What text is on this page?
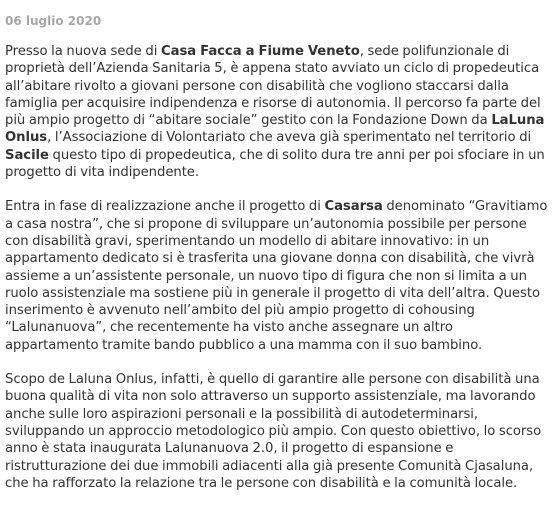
06 luglio 2020

Presso la nuova sede di Casa Facca a Fiume Veneto, sede polifunzionale di proprietà dell’Azienda Sanitaria 5, è appena stato avviato un ciclo di propedeutica all’abitare rivolto a giovani persone con disabilità che vogliono staccarsi dalla famiglia per acquisire indipendenza e risorse di autonomia. Il percorso fa parte del più ampio progetto di “abitare sociale” gestito con la Fondazione Down da LaLuna Onlus, l’Associazione di Volontariato che aveva già sperimentato nel territorio di Sacile questo tipo di propedeutica, che di solito dura tre anni per poi sfociare in un progetto di vita indipendente.

Entra in fase di realizzazione anche il progetto di Casarsa denominato “Gravitiamo a casa nostra”, che si propone di sviluppare un’autonomia possibile per persone con disabilità gravi, sperimentando un modello di abitare innovativo: in un appartamento dedicato si è trasferita una giovane donna con disabilità, che vivrà assieme a un’assistente personale, un nuovo tipo di figura che non si limita a un ruolo assistenziale ma sostiene più in generale il progetto di vita dell’altra. Questo inserimento è avvenuto nell’ambito del più ampio progetto di cohousing “Lalunanuova”, che recentemente ha visto anche assegnare un altro appartamento tramite bando pubblico a una mamma con il suo bambino.

Scopo de Laluna Onlus, infatti, è quello di garantire alle persone con disabilità una buona qualità di vita non solo attraverso un supporto assistenziale, ma lavorando anche sulle loro aspirazioni personali e la possibilità di autodeterminarsi, sviluppando un approccio metodologico più ampio. Con questo obiettivo, lo scorso anno è stata inaugurata Lalunanuova 2.0, il progetto di espansione e ristrutturazione dei due immobili adiacenti alla già presente Comunità Cjasaluna, che ha rafforzato la relazione tra le persone con disabilità e la comunità locale.
